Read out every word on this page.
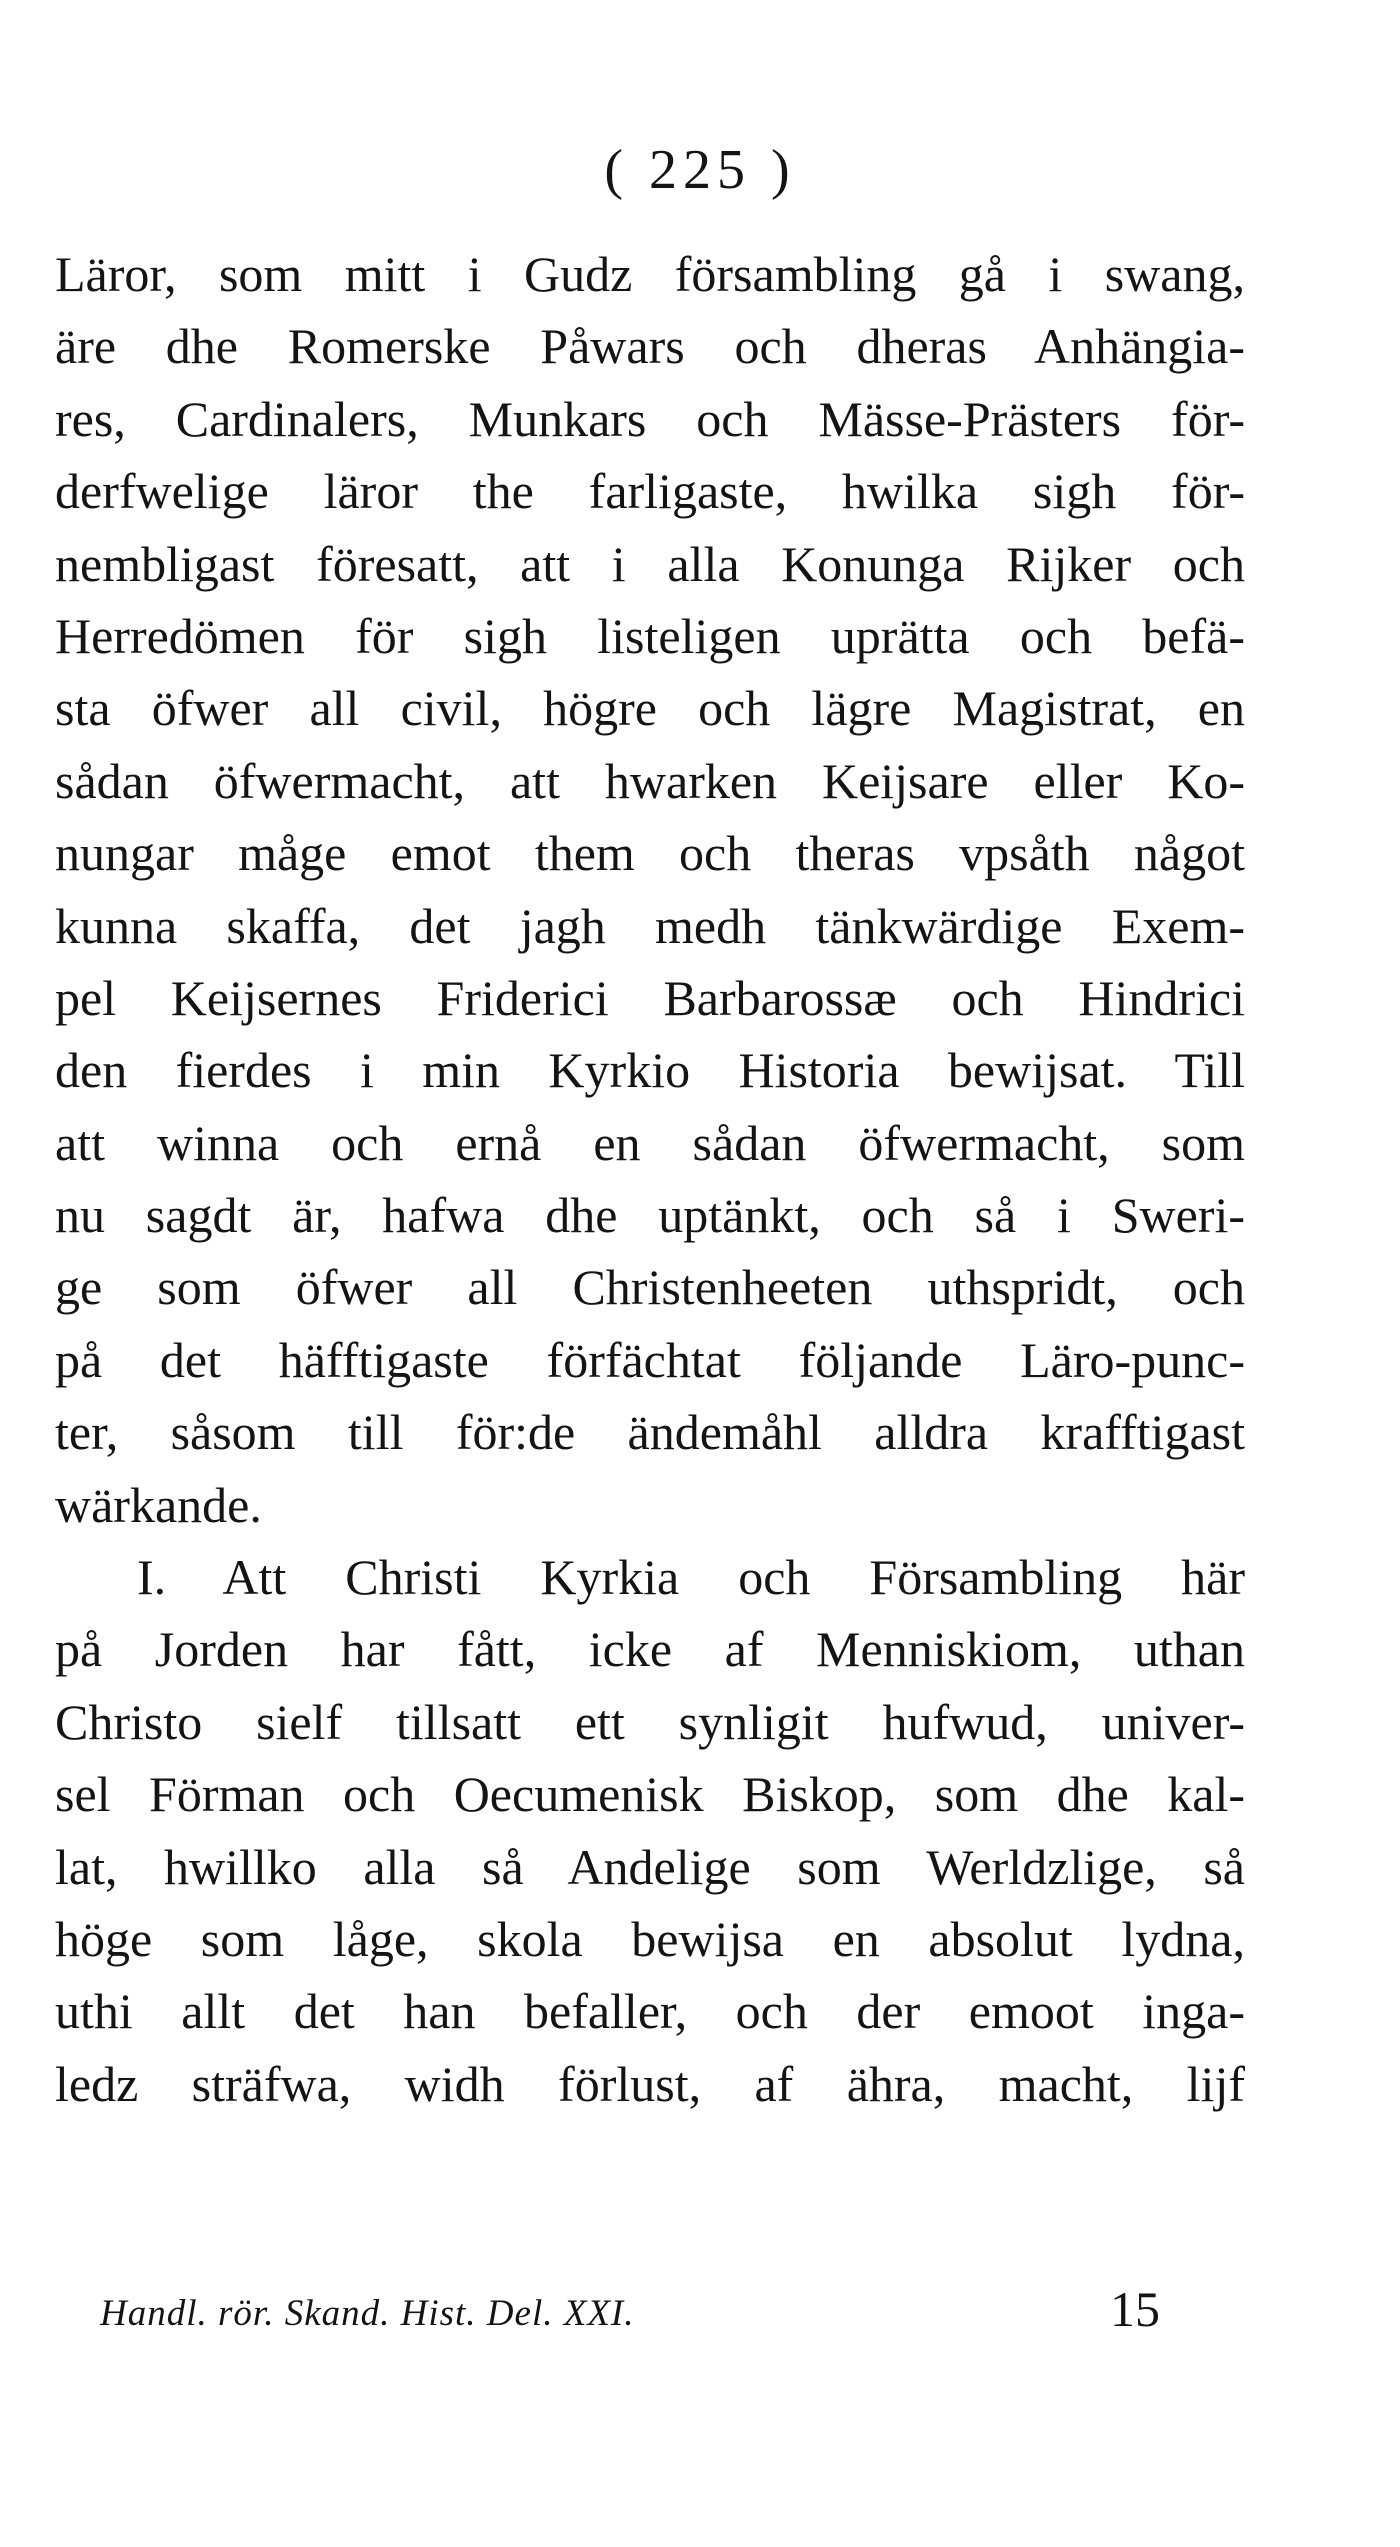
( 225 )
Läror, som mitt i Gudz försambling gå i swang,
äre dhe Romerske Påwars och dheras Anhängia-
res, Cardinalers, Munkars och Mässe-Prästers för-
derfwelige läror the farligaste, hwilka sigh för-
nembligast föresatt, att i alla Konunga Rijker och
Herredömen för sigh listeligen uprätta och befä-
sta öfwer all civil, högre och lägre Magistrat, en
sådan öfwermacht, att hwarken Keijsare eller Ko-
nungar måge emot them och theras vpsåth något
kunna skaffa, det jagh medh tänkwärdige Exem-
pel Keijsernes Friderici Barbarossæ och Hindrici
den fierdes i min Kyrkio Historia bewijsat. Till
att winna och ernå en sådan öfwermacht, som
nu sagdt är, hafwa dhe uptänkt, och så i Sweri-
ge som öfwer all Christenheeten uthspridt, och
på det häfftigaste förfächtat följande Läro-punc-
ter, såsom till för:de ändemåhl alldra krafftigast
wärkande.
I. Att Christi Kyrkia och Försambling här
på Jorden har fått, icke af Menniskiom, uthan
Christo sielf tillsatt ett synligit hufwud, univer-
sel Förman och Oecumenisk Biskop, som dhe kal-
lat, hwillko alla så Andelige som Werldzlige, så
höge som låge, skola bewijsa en absolut lydna,
uthi allt det han befaller, och der emoot inga-
ledz sträfwa, widh förlust, af ähra, macht, lijf
Handl. rör. Skand. Hist. Del. XXI.	15
